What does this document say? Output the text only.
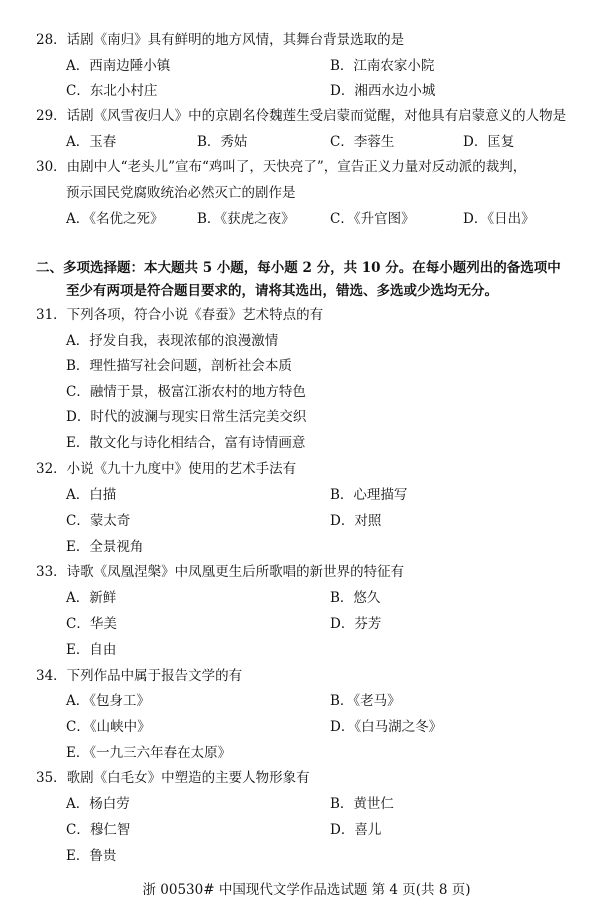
28．话剧《南归》具有鲜明的地方风情，其舞台背景选取的是
A．西南边陲小镇	B．江南农家小院
C．东北小村庄	D．湘西水边小城
29．话剧《风雪夜归人》中的京剧名伶魏莲生受启蒙而觉醒，对他具有启蒙意义的人物是
A．玉春	B．秀姑	C．李蓉生	D．匡复
30．由剧中人“老头儿”宣布“鸡叫了，天快亮了”，宣告正义力量对反动派的裁判，
预示国民党腐败统治必然灭亡的剧作是
A．《名优之死》 B．《获虎之夜》	C．《升官图》	D．《日出》
二、多项选择题：本大题共 5 小题，每小题 2 分，共 10 分。在每小题列出的备选项中
至少有两项是符合题目要求的，请将其选出，错选、多选或少选均无分。
31．下列各项，符合小说《春蚕》艺术特点的有
A．抒发自我，表现浓郁的浪漫激情
B．理性描写社会问题，剖析社会本质
C．融情于景，极富江浙农村的地方特色
D．时代的波澜与现实日常生活完美交织
E．散文化与诗化相结合，富有诗情画意
32．小说《九十九度中》使用的艺术手法有
A．白描	B．心理描写
C．蒙太奇	D．对照
E．全景视角
33．诗歌《凤凰涅槃》中凤凰更生后所歌唱的新世界的特征有
A．新鲜	B．悠久
C．华美	D．芬芳
E．自由
34．下列作品中属于报告文学的有
A．《包身工》	B．《老马》
C．《山峡中》	D．《白马湖之冬》
E．《一九三六年春在太原》
35．歌剧《白毛女》中塑造的主要人物形象有
A．杨白劳	B．黄世仁
C．穆仁智	D．喜儿
E．鲁贵
浙 00530# 中国现代文学作品选试题 第 4 页(共 8 页)
